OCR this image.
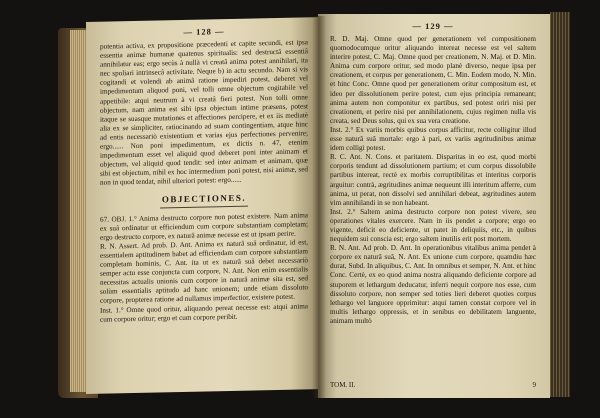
— 128 —

potentia activa, ex propositione præcedenti et capite secundi, est ipsa essentia animæ humanæ quatenus spiritualis: sed destructâ essentiâ annihilatur eas; ergo secùs à nullà vi creatâ anima potest annihilari, ita nec spoliari intrinsecâ activitate. Neque b) in actu secundo. Nam si vis cogitandi et volendi ab animâ ratione impediri potest, deberet vel impedimentum aliquod poni, vel tolli omne objectum cogitabile vel appetibile: atqui neutrum à vi creatâ fieri potest. Non tolli omne objectum, nam anima est sibi ipsa objectum intime præsens, potest itaque se suasque mutationes et affectiones percipere, et ex iis mediatè alia ex se simpliciter, ratiocinando ad suam contingentiam, atque hinc ad entis necessariò existentium et varias ejus perfectiones pervenire; ergo...... Non poni impedimentum, ex dictis n. 47, etenim impedimentum esset vel aliquid quod deberet poni inter animam et objectum, vel aliquid quod tendit: sed inter animam et animam, quæ sibi est objectum, nihil ex hoc intermedium poni potest, nisi animæ, sed non in quod tendat, nihil ulteriori potest: ergo......

OBJECTIONES.

67. OBJ. 1.° Anima destructo corpore non potest existere. Nam anima ex suâ ordinatur ut efficiendum cum corpore substantiam completam; ergo destructo corpore, ex naturâ animæ necesse est ut ipsam perire.

R. N. Assert. Ad prob. D. Ant. Anima ex naturâ suâ ordinatur, id est, essentialem aptitudinem habet ad efficiendam cum corpore substantiam completam hominis, C. Ant. ita ut ex naturâ suâ debet necessariò semper actu esse conjuncta cum corpore, N. Ant. Non enim essentialis necessitas actualis unionis cum corpore in naturâ animæ sita est, sed solùm essentialis aptitudo ad hanc unionem; unde etiam dissoluto corpore, propterea ratione ad nullamus imperfectior, existere potest.

Inst. 1.° Omne quod oritur, aliquando pereat necesse est: atqui anima cum corpore oritur; ergo et cum corpore peribit.

— 129 —

R. D. Maj. Omne quod per generationem vel compositionem quomodocumque oritur aliquando intereat necesse est vel saltem interire potest, C. Maj. Omne quod per creationem, N. Maj. et D. Min. Anima cum corpore oritur, sed modo planè diverso, neque ipsa per creationem, et corpus per generationem, C. Min. Eodem modo, N. Min. et hinc Conc. Omne quod per generationem oritur compositum est, et ideo per dissolutionem perire potest, cum ejus principia remaneant; anima autem non componitur ex partibus, sed potest oriri nisi per creationem, et perire nisi per annihilationem, cujus regimen nulla vis creata, sed Deus solus, qui ex sua vera creatione.

Inst. 2.° Ex variis morbis quibus corpus afficitur, recte colligitur illud esse naturâ suâ mortale: ergo à pari, ex variis ægritudinibus animæ idem colligi potest.

R. C. Ant. N. Cons. et paritatem. Disparitas in eo est, quod morbi corporis tendunt ad dissolutionem partium; et cum corpus dissolubile partibus intereat, rectè ex morbis corruptibilitas et interitus corporis arguitur: contrà, ægritudines animæ nequeunt illi interitum afferre, cum anima, ut perat, non dissolvi sed annihilari debeat, ægritudines autem vim annihilandi in se non habeant.

Inst. 2.° Saltem anima destructo corpore non potest vivere, seu operationes vitales exercere. Nam in iis pendet a corpore; ergo eo vigente, deficit eo deficiente, ut patet in deliquiis, etc., in quibus nequidem sui conscia est; ergo saltem inutilis erit post mortem.

R. N. Ant. Ad prob. D. Ant. In operationibus vitalibus anima pendet à corpore ex naturâ suâ, N. Ant. Ex unione cum corpore, quamdiu hæc durat, Subd. In aliquibus, C. Ant. In omnibus et semper, N. Ant. et hinc Conc. Certè, ex eo quod anima nostra aliquando deficiente corpore ad stuporem et lethargum deducatur, inferri nequit corpore nos esse, cum dissoluto corpore, non semper sed toties lieri deberet quoties corpus lethargo vel languore opprimitur: atqui tamen constat corpore vel in multis lethargo oppressis, et in senibus eo debilitatem languente, animam multò

TOM. II.	9
